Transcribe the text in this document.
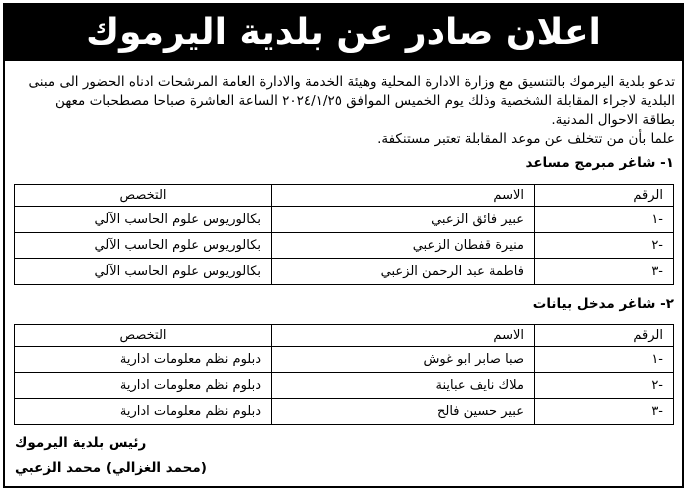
اعلان صادر عن بلدية اليرموك

تدعو بلدية اليرموك بالتنسيق مع وزارة الادارة المحلية وهيئة الخدمة والادارة العامة المرشحات ادناه الحضور الى مبنى

البلدية لاجراء المقابلة الشخصية وذلك يوم الخميس الموافق ٢٠٢٤/١/٢٥ الساعة العاشرة صباحا مصطحبات معهن

بطاقة الاحوال المدنية.

علما بأن من تتخلف عن موعد المقابلة تعتبر مستنكفة.

١- شاغر مبرمج مساعد
الرقم	الاسم	التخصص
-١	عبير فائق الزعبي	بكالوريوس علوم الحاسب الآلي
-٢	منيرة قفطان الزعبي	بكالوريوس علوم الحاسب الآلي
-٣	فاطمة عبد الرحمن الزعبي	بكالوريوس علوم الحاسب الآلي
٢- شاغر مدخل بيانات
الرقم	الاسم	التخصص
-١	صبا صابر ابو غوش	دبلوم نظم معلومات ادارية
-٢	ملاك نايف عباينة	دبلوم نظم معلومات ادارية
-٣	عبير حسين فالح	دبلوم نظم معلومات ادارية
رئيس بلدية اليرموك
(محمد الغزالي) محمد الزعبي
